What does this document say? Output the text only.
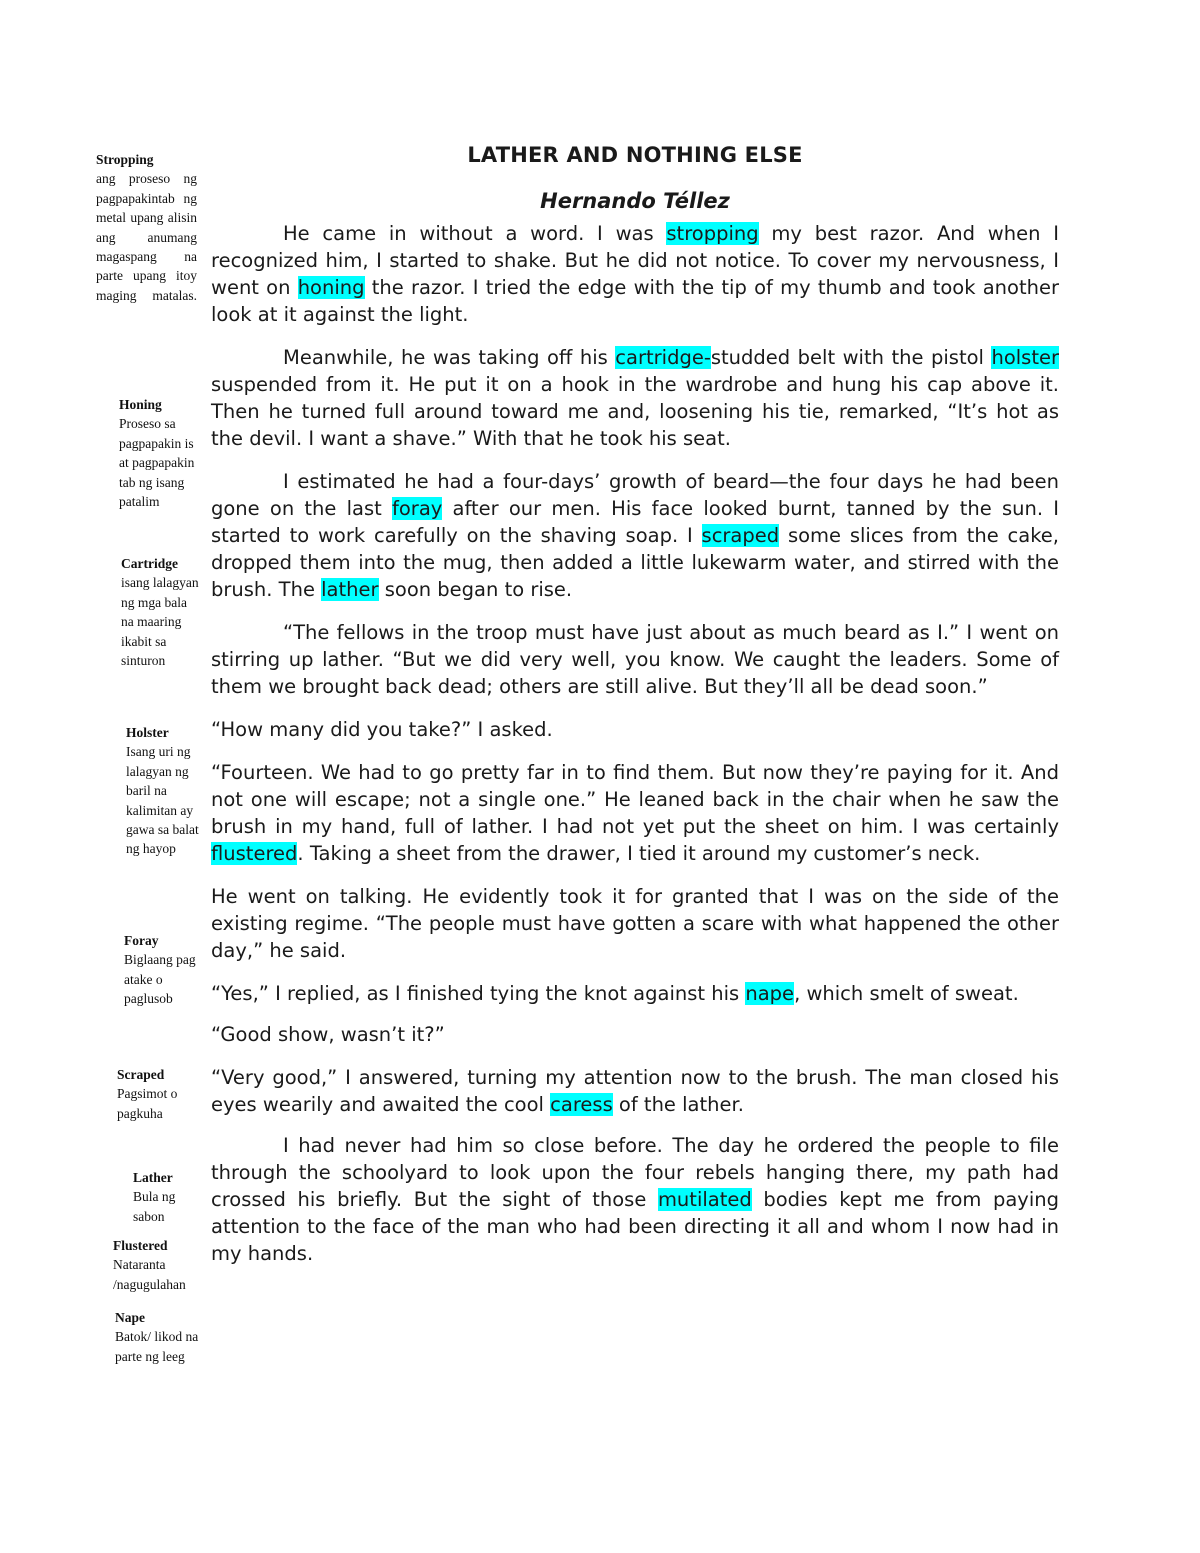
Stropping
ang proseso ng pagpapakintab ng metal upang alisin ang anumang magaspang na parte upang itoy maging matalas.
Honing
Proseso sa pagpapakin is at pagpapakin tab ng isang patalim
Cartridge
isang lalagyan ng mga bala na maaring ikabit sa sinturon
Holster
Isang uri ng lalagyan ng baril na kalimitan ay gawa sa balat ng hayop
Foray
Biglaang pag atake o paglusob
Scraped
Pagsimot o pagkuha
Lather
Bula ng sabon
Flustered
Nataranta /nagugulahan
Nape
Batok/ likod na parte ng leeg
LATHER AND NOTHING ELSE
Hernando Téllez

He came in without a word. I was stropping my best razor. And when I recognized him, I started to shake. But he did not notice. To cover my nervousness, I went on honing the razor. I tried the edge with the tip of my thumb and took another look at it against the light.

Meanwhile, he was taking off his cartridge-studded belt with the pistol holster suspended from it. He put it on a hook in the wardrobe and hung his cap above it. Then he turned full around toward me and, loosening his tie, remarked, “It’s hot as the devil. I want a shave.” With that he took his seat.

I estimated he had a four-days’ growth of beard—the four days he had been gone on the last foray after our men. His face looked burnt, tanned by the sun. I started to work carefully on the shaving soap. I scraped some slices from the cake, dropped them into the mug, then added a little lukewarm water, and stirred with the brush. The lather soon began to rise.

“The fellows in the troop must have just about as much beard as I.” I went on stirring up lather. “But we did very well, you know. We caught the leaders. Some of them we brought back dead; others are still alive. But they’ll all be dead soon.”

“How many did you take?” I asked.

“Fourteen. We had to go pretty far in to find them. But now they’re paying for it. And not one will escape; not a single one.” He leaned back in the chair when he saw the brush in my hand, full of lather. I had not yet put the sheet on him. I was certainly flustered. Taking a sheet from the drawer, I tied it around my customer’s neck.

He went on talking. He evidently took it for granted that I was on the side of the existing regime. “The people must have gotten a scare with what happened the other day,” he said.

“Yes,” I replied, as I finished tying the knot against his nape, which smelt of sweat.

“Good show, wasn’t it?”

“Very good,” I answered, turning my attention now to the brush. The man closed his eyes wearily and awaited the cool caress of the lather.

I had never had him so close before. The day he ordered the people to file through the schoolyard to look upon the four rebels hanging there, my path had crossed his briefly. But the sight of those mutilated bodies kept me from paying attention to the face of the man who had been directing it all and whom I now had in my hands.
